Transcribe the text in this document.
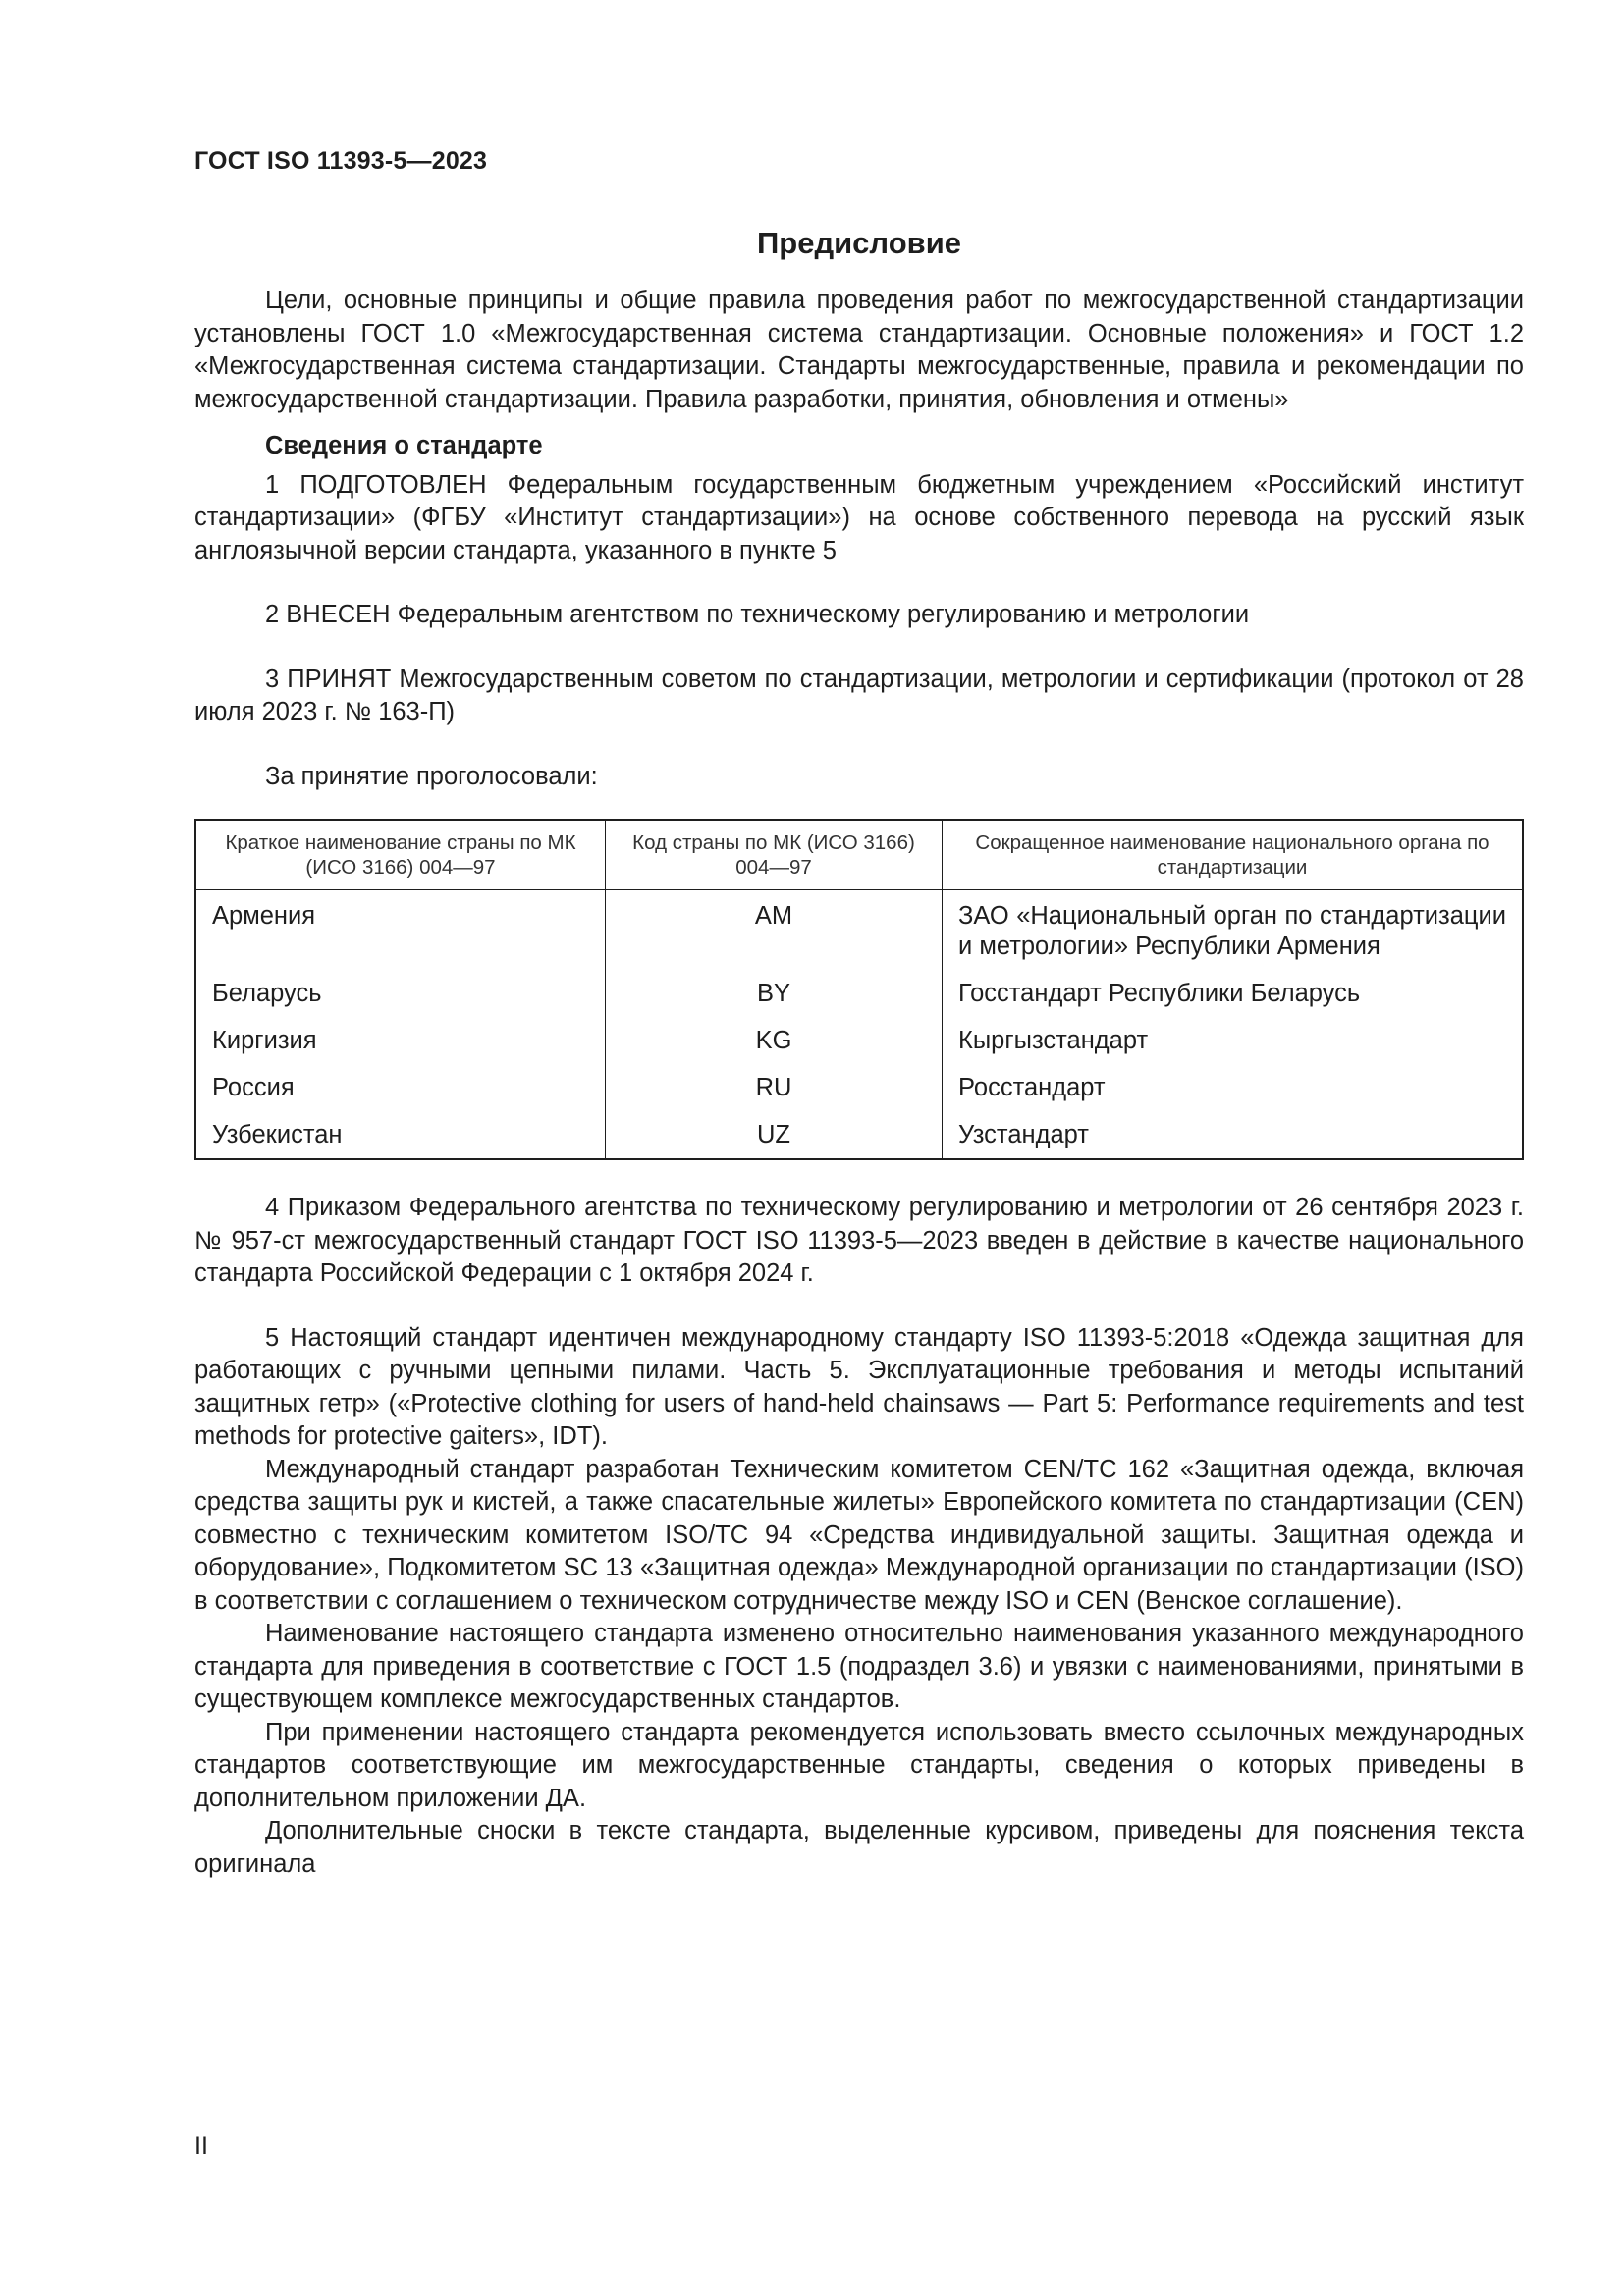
ГОСТ ISO 11393-5—2023
Предисловие

Цели, основные принципы и общие правила проведения работ по межгосударственной стандартизации установлены ГОСТ 1.0 «Межгосударственная система стандартизации. Основные положения» и ГОСТ 1.2 «Межгосударственная система стандартизации. Стандарты межгосударственные, правила и рекомендации по межгосударственной стандартизации. Правила разработки, принятия, обновления и отмены»

Сведения о стандарте

1 ПОДГОТОВЛЕН Федеральным государственным бюджетным учреждением «Российский институт стандартизации» (ФГБУ «Институт стандартизации») на основе собственного перевода на русский язык англоязычной версии стандарта, указанного в пункте 5

2 ВНЕСЕН Федеральным агентством по техническому регулированию и метрологии

3 ПРИНЯТ Межгосударственным советом по стандартизации, метрологии и сертификации (протокол от 28 июля 2023 г. № 163-П)

За принятие проголосовали:

Краткое наименование страны по МК (ИСО 3166) 004—97	Код страны по МК (ИСО 3166) 004—97	Сокращенное наименование национального органа по стандартизации
Армения	AM	ЗАО «Национальный орган по стандартизации и метрологии» Республики Армения
Беларусь	BY	Госстандарт Республики Беларусь
Киргизия	KG	Кыргызстандарт
Россия	RU	Росстандарт
Узбекистан	UZ	Узстандарт

4 Приказом Федерального агентства по техническому регулированию и метрологии от 26 сентября 2023 г. № 957-ст межгосударственный стандарт ГОСТ ISO 11393-5—2023 введен в действие в качестве национального стандарта Российской Федерации с 1 октября 2024 г.

5 Настоящий стандарт идентичен международному стандарту ISO 11393-5:2018 «Одежда защитная для работающих с ручными цепными пилами. Часть 5. Эксплуатационные требования и методы испытаний защитных гетр» («Protective clothing for users of hand-held chainsaws — Part 5: Performance requirements and test methods for protective gaiters», IDT).

Международный стандарт разработан Техническим комитетом CEN/TC 162 «Защитная одежда, включая средства защиты рук и кистей, а также спасательные жилеты» Европейского комитета по стандартизации (CEN) совместно с техническим комитетом ISO/TC 94 «Средства индивидуальной защиты. Защитная одежда и оборудование», Подкомитетом SC 13 «Защитная одежда» Международной организации по стандартизации (ISO) в соответствии с соглашением о техническом сотрудничестве между ISO и CEN (Венское соглашение).

Наименование настоящего стандарта изменено относительно наименования указанного международного стандарта для приведения в соответствие с ГОСТ 1.5 (подраздел 3.6) и увязки с наименованиями, принятыми в существующем комплексе межгосударственных стандартов.

При применении настоящего стандарта рекомендуется использовать вместо ссылочных международных стандартов соответствующие им межгосударственные стандарты, сведения о которых приведены в дополнительном приложении ДА.

Дополнительные сноски в тексте стандарта, выделенные курсивом, приведены для пояснения текста оригинала

II
